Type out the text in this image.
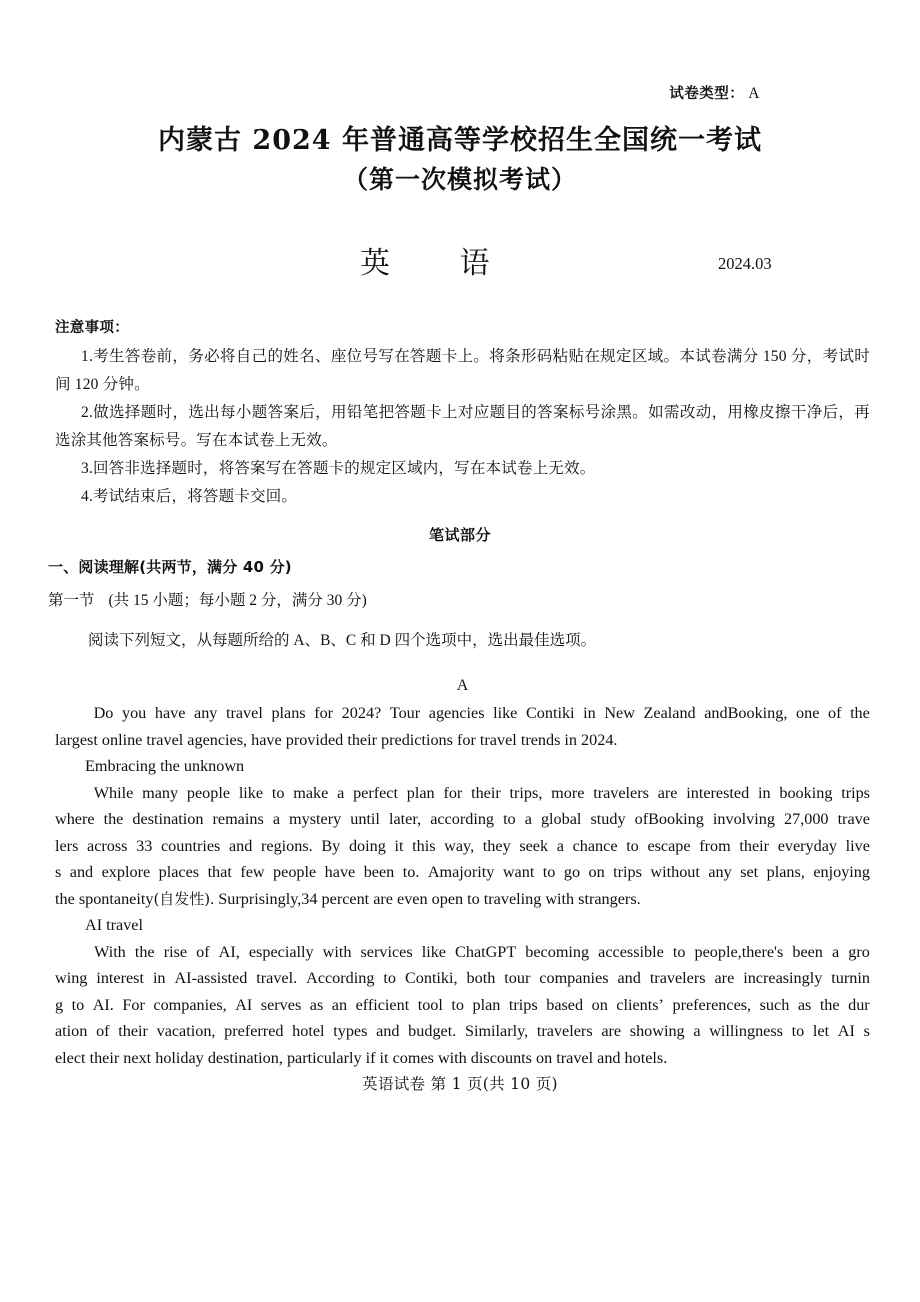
试卷类型： A
内蒙古 2024 年普通高等学校招生全国统一考试
（第一次模拟考试）
英 语	2024.03
注意事项：

1.考生答卷前，务必将自己的姓名、座位号写在答题卡上。将条形码粘贴在规定区域。本试卷满分 150 分，考试时间 120 分钟。

2.做选择题时，选出每小题答案后，用铅笔把答题卡上对应题目的答案标号涂黑。如需改动，用橡皮擦干净后，再选涂其他答案标号。写在本试卷上无效。

3.回答非选择题时，将答案写在答题卡的规定区域内，写在本试卷上无效。

4.考试结束后，将答题卡交回。

笔试部分
一、阅读理解(共两节，满分 40 分)
第一节 (共 15 小题；每小题 2 分，满分 30 分)
阅读下列短文，从每题所给的 A、B、C 和 D 四个选项中，选出最佳选项。
A
Do you have any travel plans for 2024? Tour agencies like Contiki in New Zealand andBooking, one of the
largest online travel agencies, have provided their predictions for travel trends in 2024.
Embracing the unknown
While many people like to make a perfect plan for their trips, more travelers are interested in booking trips
where the destination remains a mystery until later, according to a global study ofBooking involving 27,000 trave
lers across 33 countries and regions. By doing it this way, they seek a chance to escape from their everyday live
s and explore places that few people have been to. Amajority want to go on trips without any set plans, enjoying
the spontaneity(自发性). Surprisingly,34 percent are even open to traveling with strangers.
AI travel
With the rise of AI, especially with services like ChatGPT becoming accessible to people,there's been a gro
wing interest in AI-assisted travel. According to Contiki, both tour companies and travelers are increasingly turnin
g to AI. For companies, AI serves as an efficient tool to plan trips based on clients’ preferences, such as the dur
ation of their vacation, preferred hotel types and budget. Similarly, travelers are showing a willingness to let AI s
elect their next holiday destination, particularly if it comes with discounts on travel and hotels.
英语试卷 第 1 页(共 10 页)
